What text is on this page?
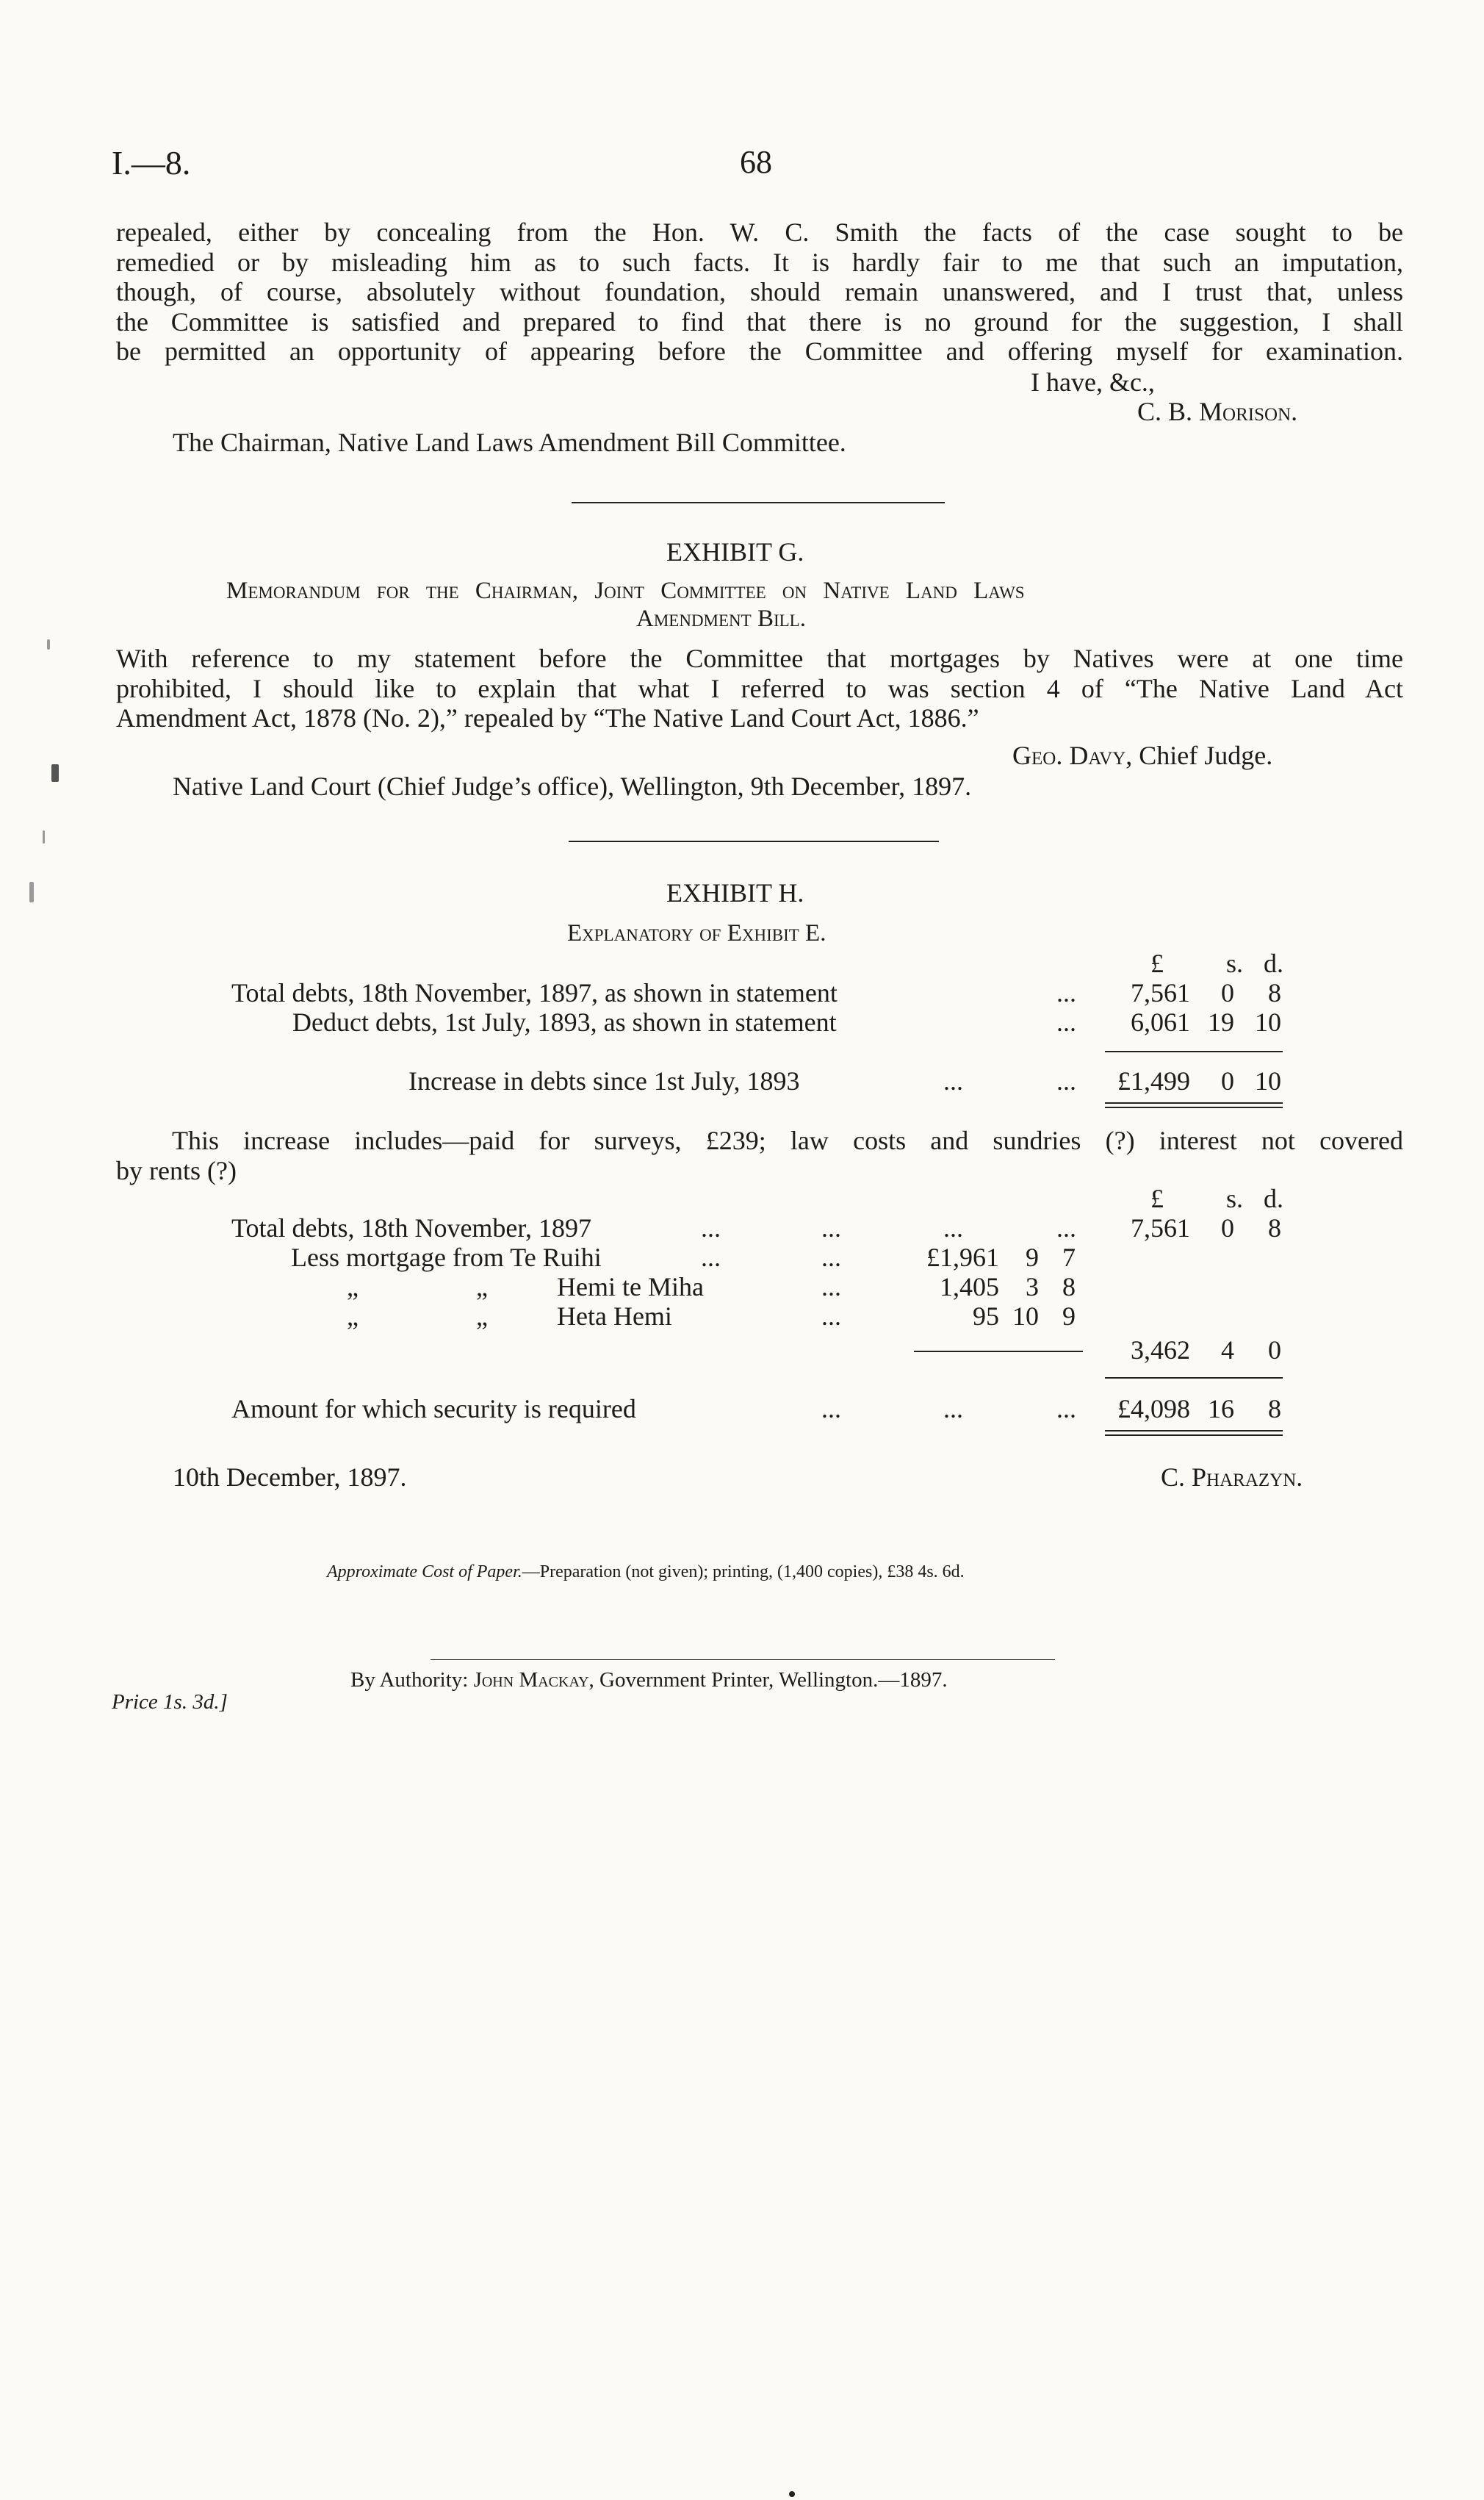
I.—8.	68
repealed, either by concealing from the Hon. W. C. Smith the facts of the case sought to be
remedied or by misleading him as to such facts. It is hardly fair to me that such an imputation,
though, of course, absolutely without foundation, should remain unanswered, and I trust that, unless
the Committee is satisfied and prepared to find that there is no ground for the suggestion, I shall
be permitted an opportunity of appearing before the Committee and offering myself for examination.
I have, &c.,
C. B. Morison.
The Chairman, Native Land Laws Amendment Bill Committee.
EXHIBIT G.
Memorandum for the Chairman, Joint Committee on Native Land Laws
Amendment Bill.
With reference to my statement before the Committee that mortgages by Natives were at one time
prohibited, I should like to explain that what I referred to was section 4 of “The Native Land Act
Amendment Act, 1878 (No. 2),” repealed by “The Native Land Court Act, 1886.”
Geo. Davy, Chief Judge.
Native Land Court (Chief Judge’s office), Wellington, 9th December, 1897.
EXHIBIT H.
Explanatory of Exhibit E.
£	s. d.
Total debts, 18th November, 1897, as shown in statement	...	7,561	0	8
Deduct debts, 1st July, 1893, as shown in statement	...	6,061 19 10
Increase in debts since 1st July, 1893	...	...	£1,499	0 10
This increase includes—paid for surveys, £239; law costs and sundries (?) interest not covered
by rents (?)
£	s. d.
Total debts, 18th November, 1897	...	...	...	...	7,561	0	8
Less mortgage from Te Ruihi	...	...	£1,961	9 7
„	„	Hemi te Miha	...	1,405	3 8
„	„	Heta Hemi	...	95 10 9
3,462	4	0
Amount for which security is required	...	...	...	£4,098 16	8
10th December, 1897.	C. Pharazyn.
Approximate Cost of Paper.—Preparation (not given); printing, (1,400 copies), £38 4s. 6d.
By Authority: John Mackay, Government Printer, Wellington.—1897.
Price 1s. 3d.]
